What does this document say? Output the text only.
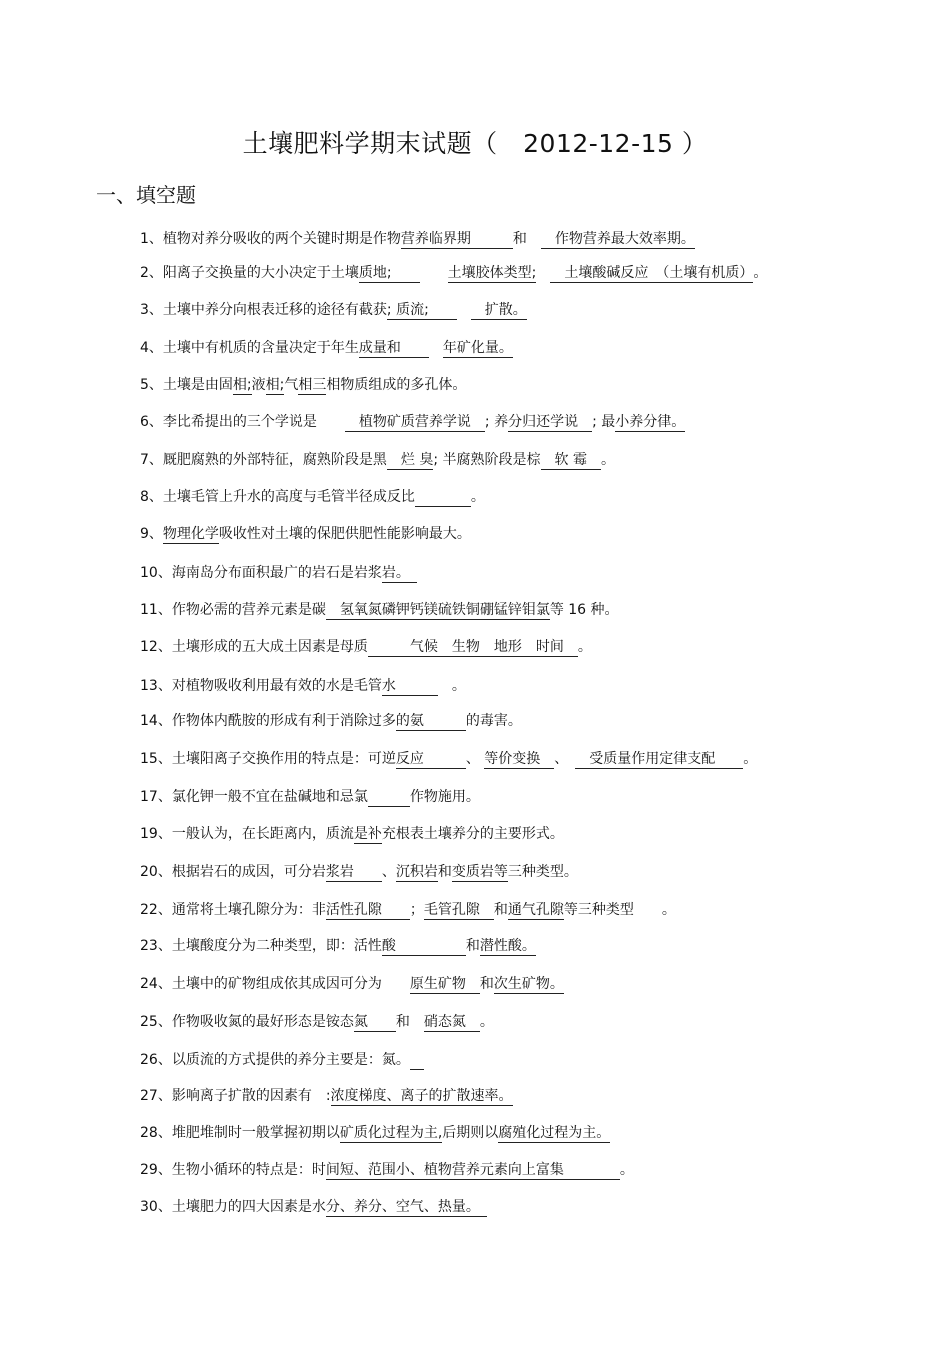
土壤肥料学期末试题（　2012-12-15 ）
一、填空题
1、植物对养分吸收的两个关键时期是作物营养临界期　　　和　　作物营养最大效率期。
2、阳离子交换量的大小决定于土壤质地;　　　　土壤胶体类型;　　土壤酸碱反应　（土壤有机质）。
3、土壤中养分向根表迁移的途径有截获; 质流;　　　　扩散。
4、土壤中有机质的含量决定于年生成量和　　　年矿化量。
5、土壤是由固相;液相;气相三相物质组成的多孔体。
6、李比希提出的三个学说是　　　植物矿质营养学说　; 养分归还学说　; 最小养分律。
7、厩肥腐熟的外部特征，腐熟阶段是黑　烂 臭; 半腐熟阶段是棕　软 霉　。
8、土壤毛管上升水的高度与毛管半径成反比　　　　	。
9、物理化学吸收性对土壤的保肥供肥性能影响最大。
10、海南岛分布面积最广的岩石是岩浆岩。　
11、作物必需的营养元素是碳　氢氧氮磷钾钙镁硫铁铜硼锰锌钼氯等 16 种。
12、土壤形成的五大成土因素是母质　　　气候　生物　地形　时间　。
13、对植物吸收利用最有效的水是毛管水　　　　。
14、作物体内酰胺的形成有利于消除过多的氨　　　的毒害。
15、土壤阳离子交换作用的特点是：可逆反应　　　、 等价变换　、　　受质量作用定律支配　　。
17、氯化钾一般不宜在盐碱地和忌氯　　　	作物施用。
19、一般认为，在长距离内，质流是补充根表土壤养分的主要形式。
20、根据岩石的成因，可分岩浆岩　　、沉积岩和变质岩等三种类型。
22、通常将土壤孔隙分为：非活性孔隙　　；毛管孔隙　和通气孔隙等三种类型　　。
23、土壤酸度分为二种类型，即：活性酸　　　　　和潜性酸。
24、土壤中的矿物组成依其成因可分为　　原生矿物　和次生矿物。
25、作物吸收氮的最好形态是铵态氮　　和　硝态氮　。
26、以质流的方式提供的养分主要是：氮。　
27、影响离子扩散的因素有　:浓度梯度、离子的扩散速率。
28、堆肥堆制时一般掌握初期以矿质化过程为主,后期则以腐殖化过程为主。
29、生物小循环的特点是：时间短、范围小、植物营养元素向上富集　　　　。
30、土壤肥力的四大因素是水分、养分、空气、热量。　
